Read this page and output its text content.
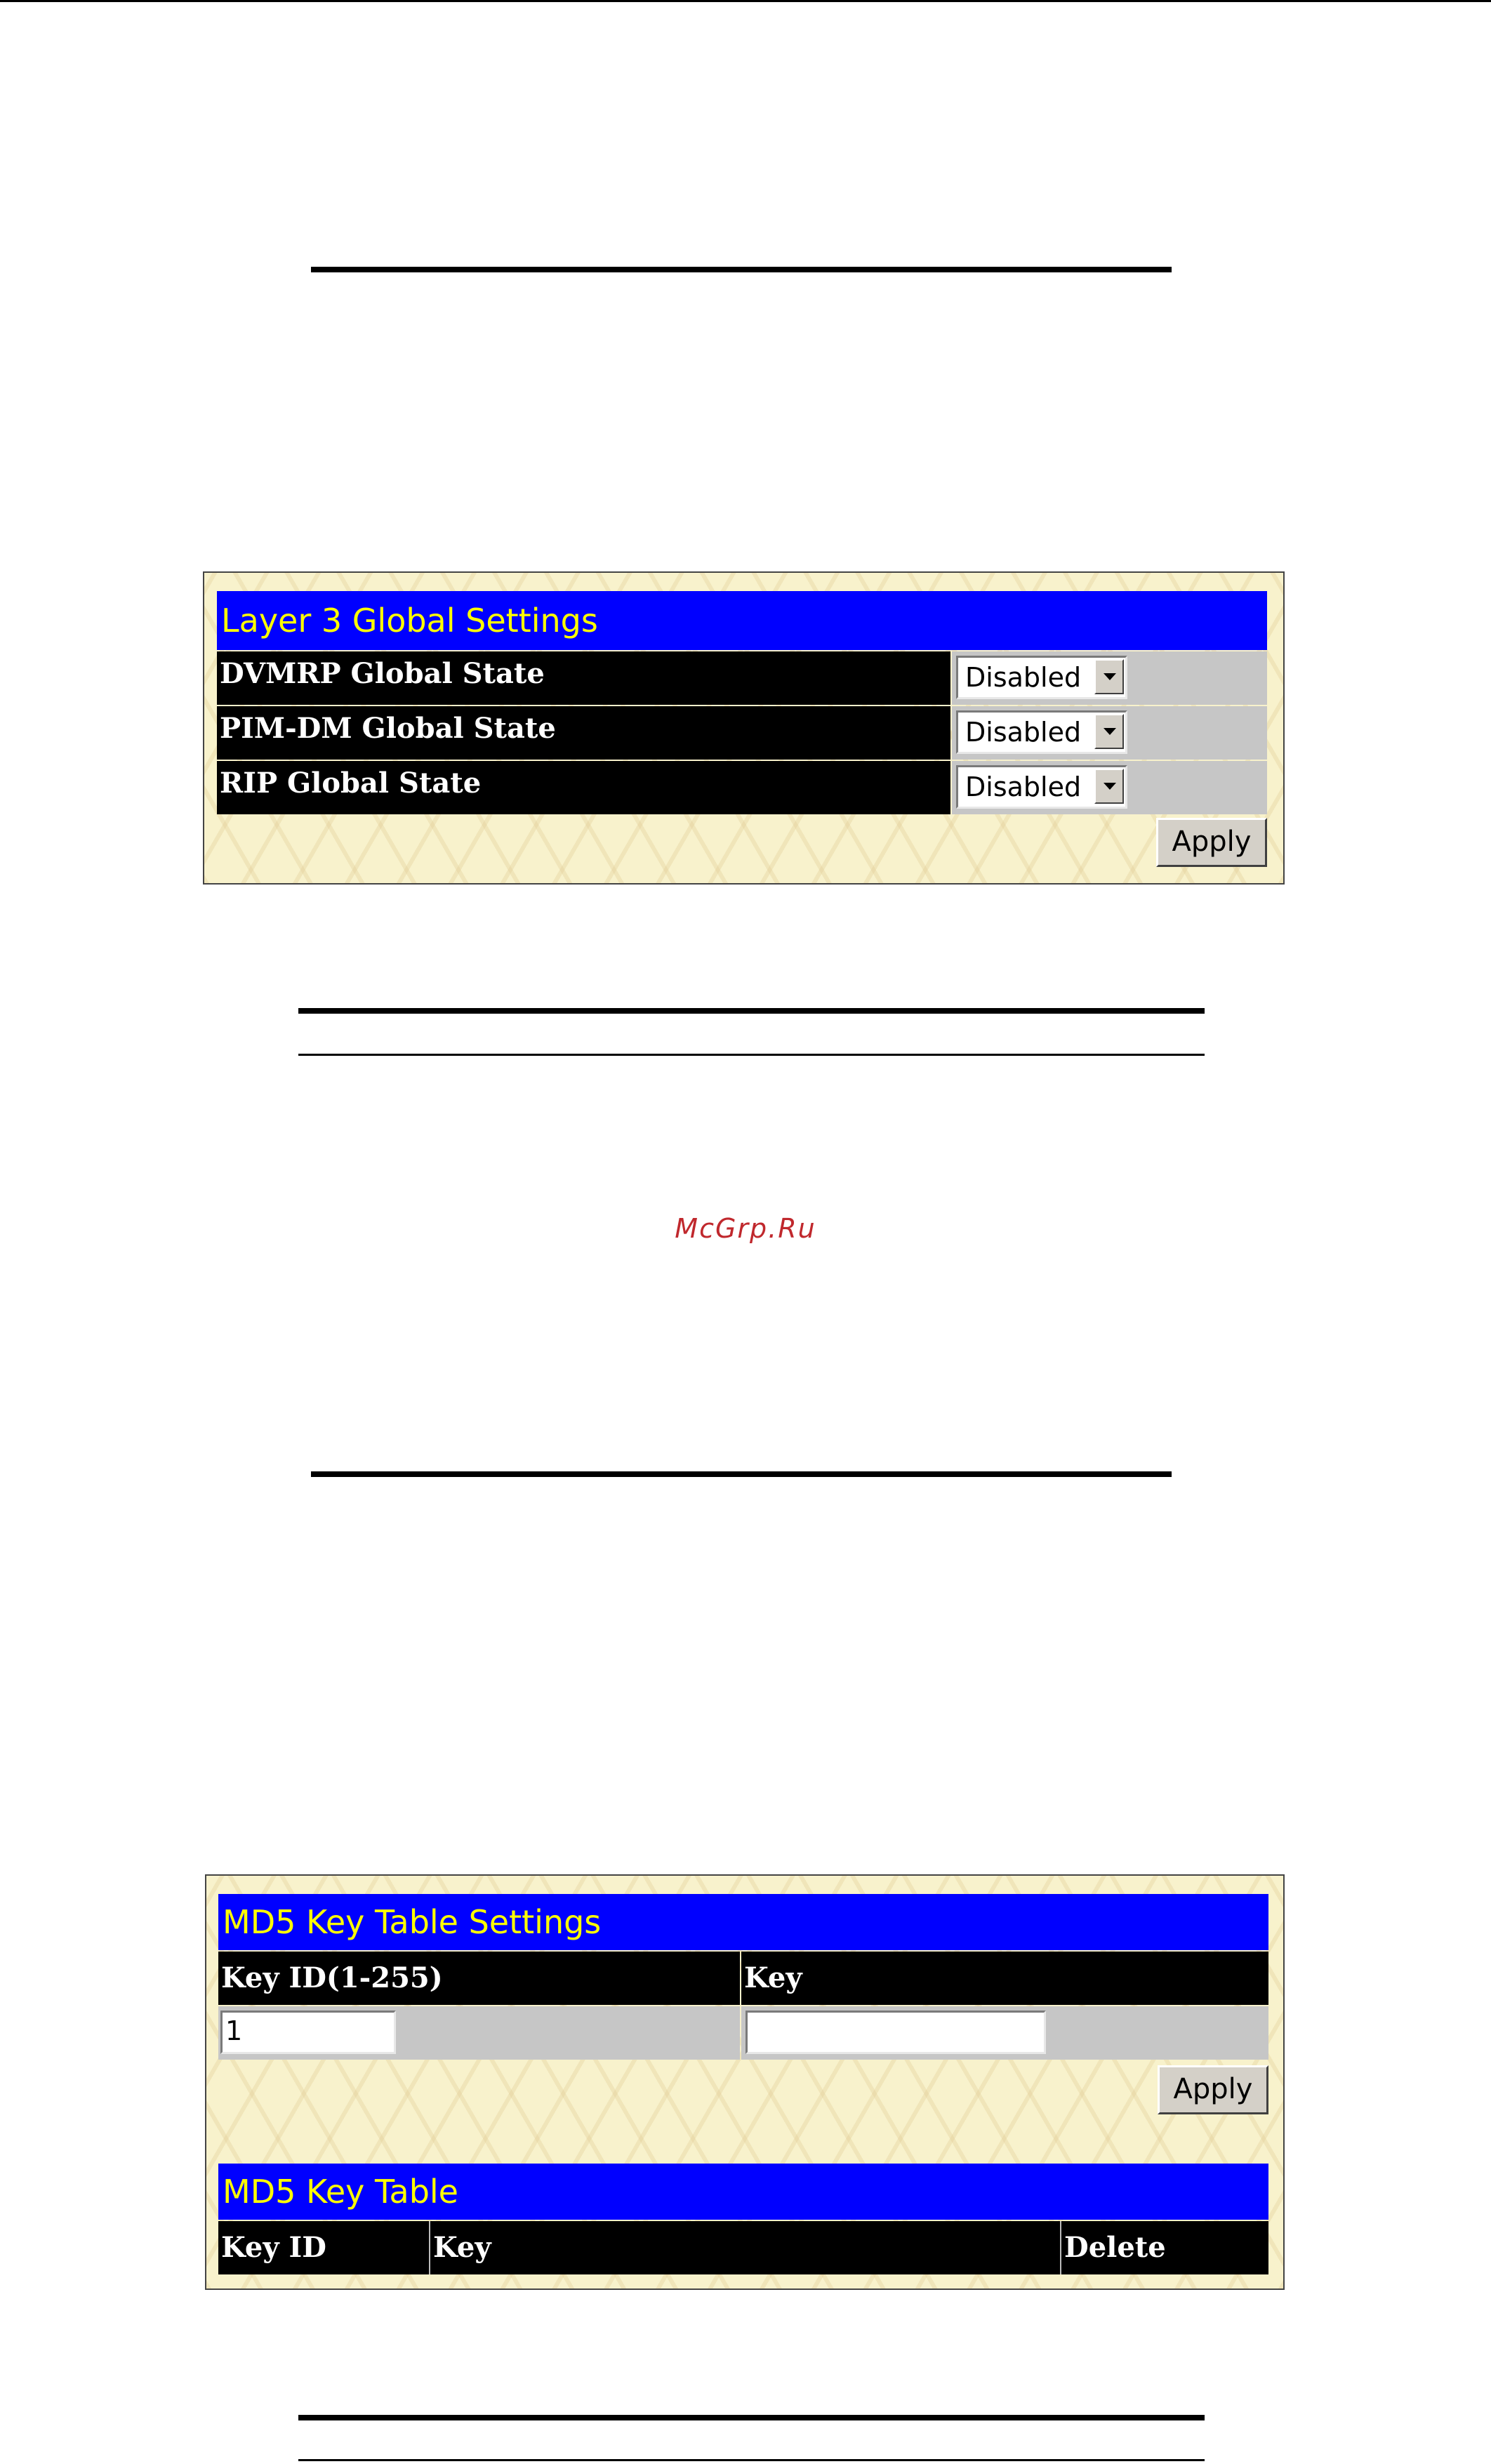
Layer 3 Global Settings
DVMRP Global State	Disabled
PIM-DM Global State	Disabled
RIP Global State	Disabled
Apply
McGrp.Ru
MD5 Key Table Settings
Key ID(1-255)	Key
1
Apply
MD5 Key Table
Key ID	Key	Delete
